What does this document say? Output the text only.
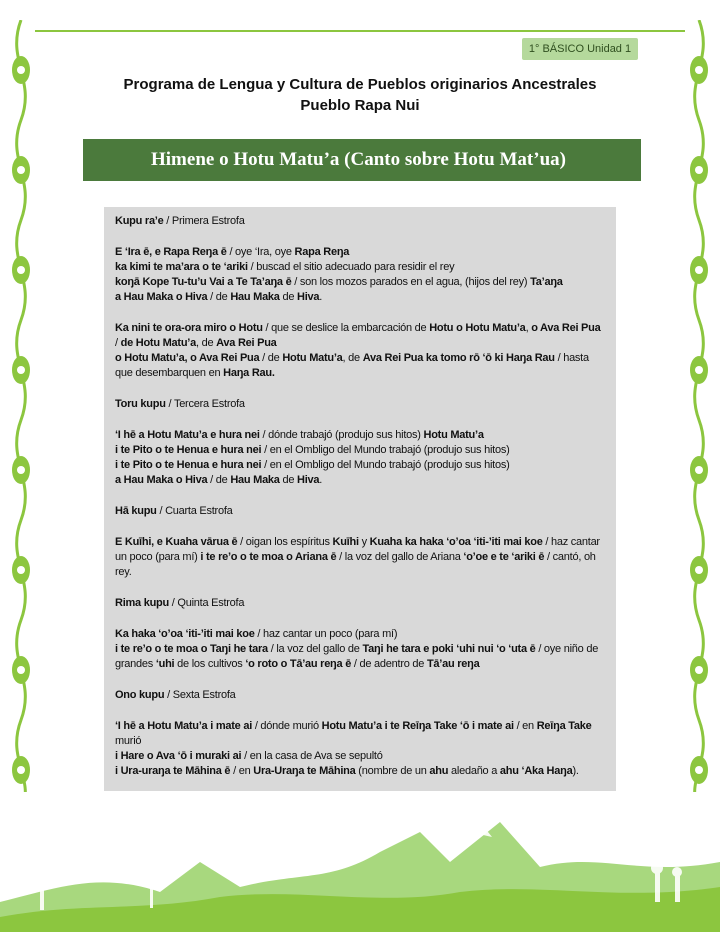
1° BÁSICO Unidad 1
Programa de Lengua y Cultura de Pueblos originarios Ancestrales
Pueblo Rapa Nui
Himene o Hotu Matu’a (Canto sobre Hotu Mat’ua)

Kupu ra’e / Primera Estrofa

E ‘Ira ē, e Rapa Reŋa ē / oye ‘Ira, oye Rapa Reŋa
ka kimi te ma’ara o te ‘ariki / buscad el sitio adecuado para residir el rey
koŋā Kope Tu-tu’u Vai a Te Ta’aŋa ē / son los mozos parados en el agua, (hijos del rey) Ta’aŋa
a Hau Maka o Hiva / de Hau Maka de Hiva.

Ka nini te ora-ora miro o Hotu / que se deslice la embarcación de Hotu o Hotu Matu’a, o Ava Rei Pua / de Hotu Matu’a, de Ava Rei Pua
o Hotu Matu’a, o Ava Rei Pua / de Hotu Matu’a, de Ava Rei Pua ka tomo rō ‘ō ki Haŋa Rau / hasta que desembarquen en Haŋa Rau.

Toru kupu / Tercera Estrofa

‘I hē a Hotu Matu’a e hura nei / dónde trabajó (produjo sus hitos) Hotu Matu’a
i te Pito o te Henua e hura nei / en el Ombligo del Mundo trabajó (produjo sus hitos)
i te Pito o te Henua e hura nei / en el Ombligo del Mundo trabajó (produjo sus hitos)
a Hau Maka o Hiva / de Hau Maka de Hiva.

Hā kupu / Cuarta Estrofa

E Kuīhi, e Kuaha vārua ē / oigan los espíritus Kuīhi y Kuaha ka haka ‘o’oa ‘iti-’iti mai koe / haz cantar un poco (para mí) i te re’o o te moa o Ariana ē / la voz del gallo de Ariana ‘o’oe e te ‘ariki ē / cantó, oh rey.

Rima kupu / Quinta Estrofa

Ka haka ‘o’oa ‘iti-’iti mai koe / haz cantar un poco (para mí)
i te re’o o te moa o Taŋi he tara / la voz del gallo de Taŋi he tara e poki ‘uhi nui ‘o ‘uta ē / oye niño de grandes ‘uhi de los cultivos ‘o roto o Tā’au reŋa ē / de adentro de Tā’au reŋa

Ono kupu / Sexta Estrofa

‘I hē a Hotu Matu’a i mate ai / dónde murió Hotu Matu’a i te Reīŋa Take ‘ō i mate ai / en Reīŋa Take murió
i Hare o Ava ‘ō i muraki ai / en la casa de Ava se sepultó
i Ura-uraŋa te Māhina ē / en Ura-Uraŋa te Māhina (nombre de un ahu aledaño a ahu ‘Aka Haŋa).
